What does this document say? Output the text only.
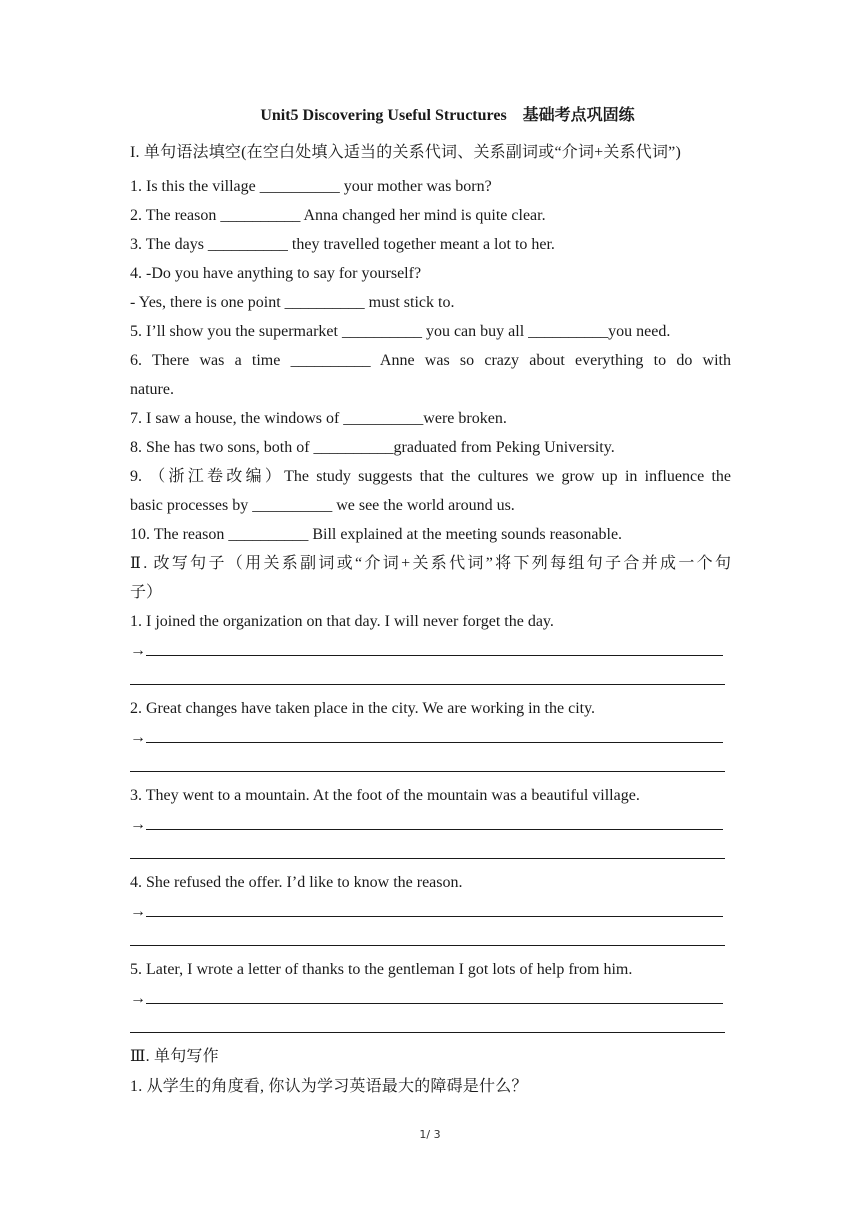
Unit5 Discovering Useful Structures　基础考点巩固练
I. 单句语法填空(在空白处填入适当的关系代词、关系副词或“介词+关系代词”)
1. Is this the village __________ your mother was born?
2. The reason __________ Anna changed her mind is quite clear.
3. The days __________ they travelled together meant a lot to her.
4. -Do you have anything to say for yourself?
- Yes, there is one point __________ must stick to.
5. I’ll show you the supermarket __________ you can buy all __________you need.
6. There was a time __________ Anne was so crazy about everything to do with
nature.
7. I saw a house, the windows of __________were broken.
8. She has two sons, both of __________graduated from Peking University.
9. （浙江卷改编）The study suggests that the cultures we grow up in influence the
basic processes by __________ we see the world around us.
10. The reason __________ Bill explained at the meeting sounds reasonable.
Ⅱ. 改写句子（用关系副词或“介词+关系代词”将下列每组句子合并成一个句
子）
1. I joined the organization on that day. I will never forget the day.
→
2. Great changes have taken place in the city. We are working in the city.
→
3. They went to a mountain. At the foot of the mountain was a beautiful village.
→
4. She refused the offer. I’d like to know the reason.
→
5. Later, I wrote a letter of thanks to the gentleman I got lots of help from him.
→
Ⅲ. 单句写作
1. 从学生的角度看, 你认为学习英语最大的障碍是什么？
1/ 3
